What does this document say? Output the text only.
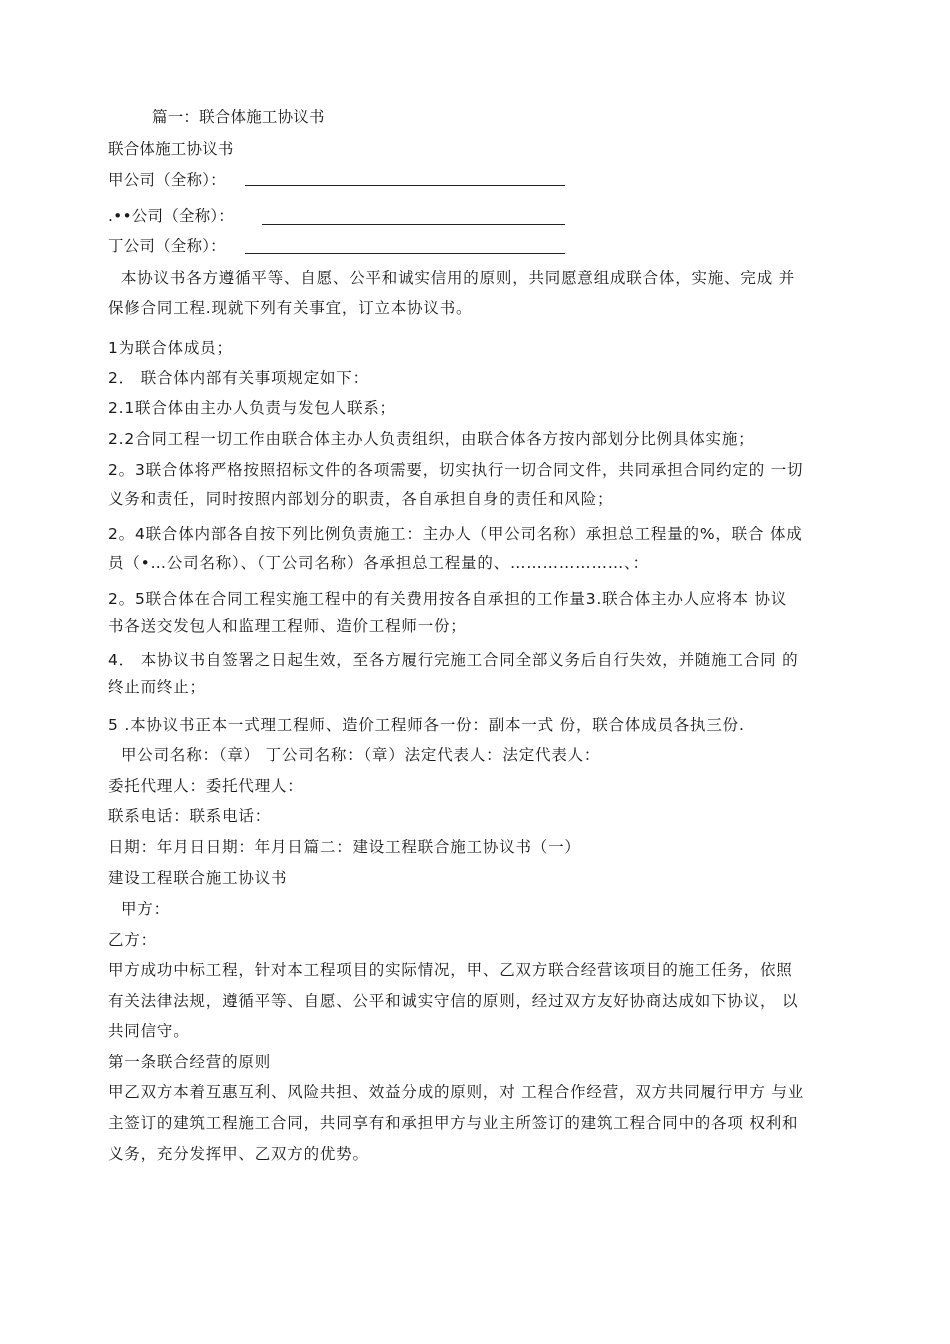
篇一：联合体施工协议书
联合体施工协议书
甲公司（全称）：
.••公司（全称）：
丁公司（全称）：
本协议书各方遵循平等、自愿、公平和诚实信用的原则，共同愿意组成联合体，实施、完成 并
保修合同工程.现就下列有关事宜，订立本协议书。
1为联合体成员；
2． 联合体内部有关事项规定如下：
2.1联合体由主办人负责与发包人联系；
2.2合同工程一切工作由联合体主办人负责组织，由联合体各方按内部划分比例具体实施；
2。3联合体将严格按照招标文件的各项需要，切实执行一切合同文件，共同承担合同约定的 一切
义务和责任，同时按照内部划分的职责，各自承担自身的责任和风险；
2。4联合体内部各自按下列比例负责施工：主办人（甲公司名称）承担总工程量的%，联合 体成
员（•…公司名称）、（丁公司名称）各承担总工程量的、…………………、：
2。5联合体在合同工程实施工程中的有关费用按各自承担的工作量3.联合体主办人应将本 协议
书各送交发包人和监理工程师、造价工程师一份；
4． 本协议书自签署之日起生效，至各方履行完施工合同全部义务后自行失效，并随施工合同 的
终止而终止；
5 .本协议书正本一式理工程师、造价工程师各一份：副本一式 份，联合体成员各执三份.
甲公司名称：（章） 丁公司名称：（章）法定代表人：法定代表人：
委托代理人：委托代理人：
联系电话：联系电话：
日期：年月日日期：年月日篇二：建设工程联合施工协议书（一）
建设工程联合施工协议书
甲方：
乙方：
甲方成功中标工程，针对本工程项目的实际情况，甲、乙双方联合经营该项目的施工任务，依照
有关法律法规，遵循平等、自愿、公平和诚实守信的原则，经过双方友好协商达成如下协议， 以
共同信守。
第一条联合经营的原则
甲乙双方本着互惠互利、风险共担、效益分成的原则，对 工程合作经营，双方共同履行甲方 与业
主签订的建筑工程施工合同，共同享有和承担甲方与业主所签订的建筑工程合同中的各项 权利和
义务，充分发挥甲、乙双方的优势。
